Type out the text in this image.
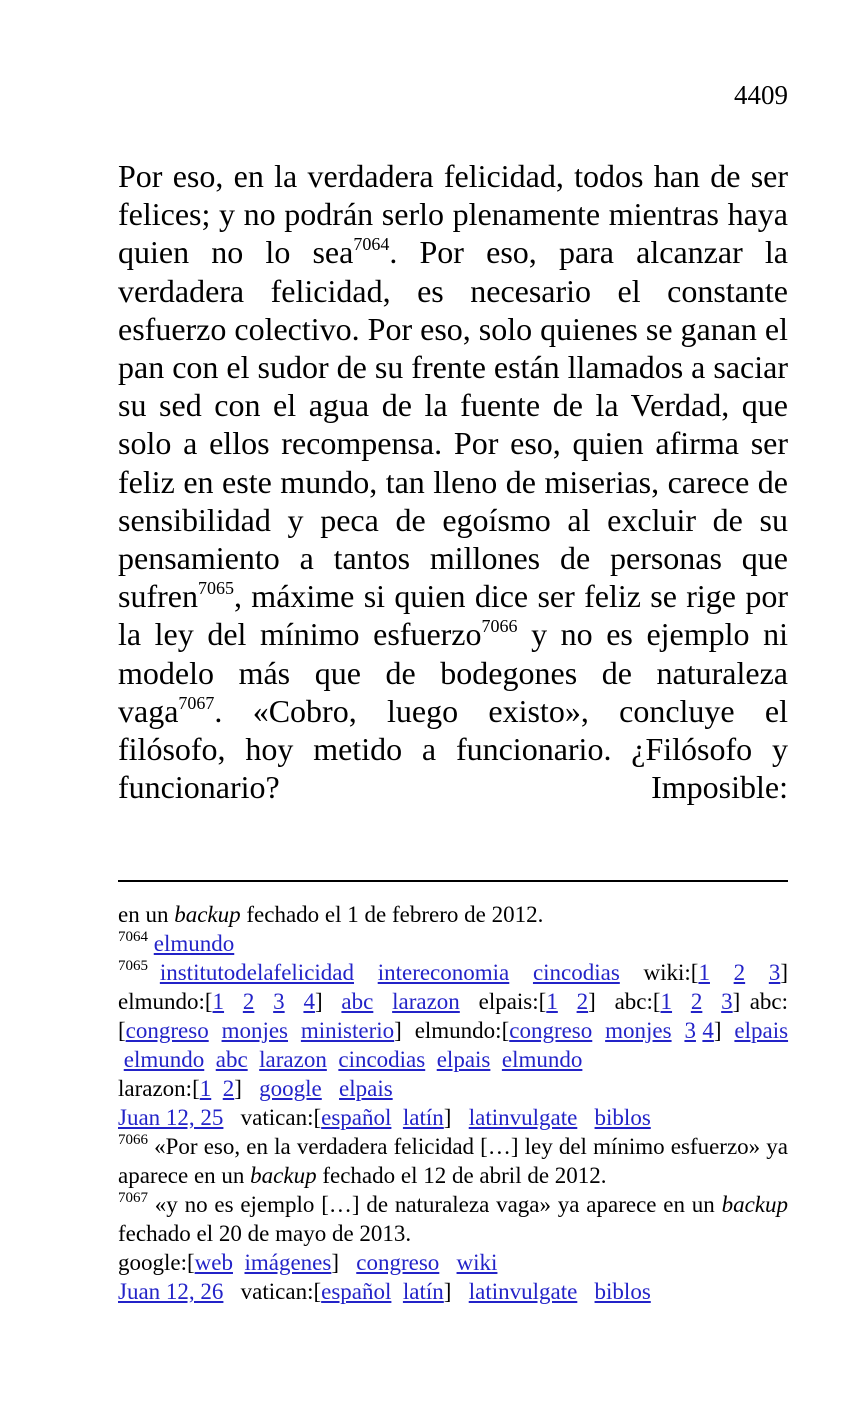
4409

Por eso, en la verdadera felicidad, todos han de ser felices; y no podrán serlo plenamente mientras haya quien no lo sea$^{7064}$. Por eso, para alcanzar la verdadera felicidad, es necesario el constante esfuerzo colectivo. Por eso, solo quienes se ganan el pan con el sudor de su frente están llamados a saciar su sed con el agua de la fuente de la Verdad, que solo a ellos recompensa. Por eso, quien afirma ser feliz en este mundo, tan lleno de miserias, carece de sensibilidad y peca de egoísmo al excluir de su pensamiento a tantos millones de personas que sufren$^{7065}$, máxime si quien dice ser feliz se rige por la ley del mínimo esfuerzo$^{7066}$ y no es ejemplo ni modelo más que de bodegones de naturaleza vaga$^{7067}$. «Cobro, luego existo», concluye el filósofo, hoy metido a funcionario. ¿Filósofo y funcionario? Imposible:

en un backup fechado el 1 de febrero de 2012.

$^{7064}$ elmundo

$^{7065}$ institutodelafelicidad intereconomia cincodias wiki:[1 2 3] elmundo:[1 2 3 4] abc larazon elpais:[1 2] abc:[1 2 3] abc:[congreso monjes ministerio] elmundo:[congreso monjes 3 4] elpais  elmundo abc larazon cincodias elpais elmundo

larazon:[1 2] google elpais

Juan 12, 25 vatican:[español latín] latinvulgate biblos

$^{7066}$ «Por eso, en la verdadera felicidad […] ley del mínimo esfuerzo» ya aparece en un backup fechado el 12 de abril de 2012.

$^{7067}$ «y no es ejemplo […] de naturaleza vaga» ya aparece en un backup fechado el 20 de mayo de 2013.

google:[web imágenes] congreso wiki

Juan 12, 26 vatican:[español latín] latinvulgate biblos
